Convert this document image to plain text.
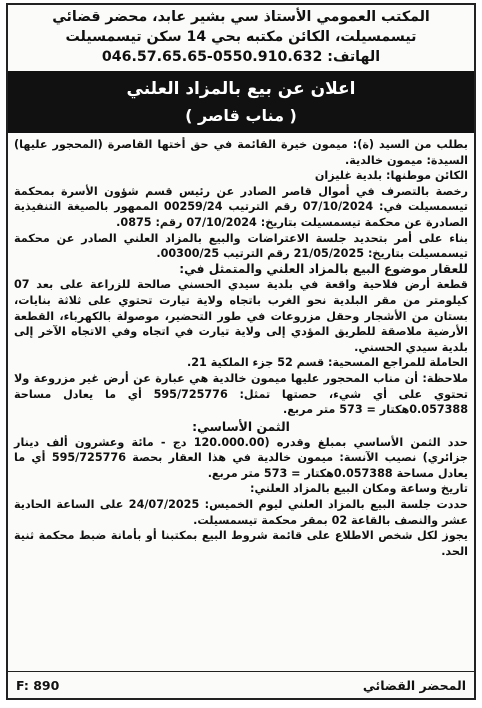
المكتب العمومي الأستاذ سي بشير عابد، محضر قضائي

تيسمسيلت، الكائن مكتبه بحي 14 سكن تيسمسيلت

الهاتف: 046.57.65.65-0550.910.632

اعلان عن بيع بالمزاد العلني
( مناب قاصر )

بطلب من السيد (ة): ميمون خيرة القائمة في حق أختها القاصرة (المحجور عليها) السيدة: ميمون خالدية.

الكائن موطنها: بلدية غليزان

رخصة بالتصرف في أموال قاصر الصادر عن رئيس قسم شؤون الأسرة بمحكمة تيسمسيلت في: 07/10/2024 رقم الترتيب 00259/24 الممهور بالصيغة التنفيذية الصادرة عن محكمة تيسمسيلت بتاريخ: 07/10/2024 رقم: 0875.

بناء على أمر بتحديد جلسة الاعتراضات والبيع بالمزاد العلني الصادر عن محكمة تيسمسيلت بتاريخ: 21/05/2025 رقم الترتيب 00300/25.

للعقار موضوع البيع بالمزاد العلني والمتمثل في:

قطعة أرض فلاحية واقعة في بلدية سيدي الحسني صالحة للزراعة على بعد 07 كيلومتر من مقر البلدية نحو الغرب باتجاه ولاية تيارت تحتوي على ثلاثة بنايات، بستان من الأشجار وحقل مزروعات في طور التحضير، موصولة بالكهرباء، القطعة الأرضية ملاصقة للطريق المؤدي إلى ولاية تيارت في اتجاه وفي الاتجاه الآخر إلى بلدية سيدي الحسني.

الحاملة للمراجع المسحية: قسم 52 جزء الملكية 21.

ملاحظة: أن مناب المحجور عليها ميمون خالدية هي عبارة عن أرض غير مزروعة ولا تحتوي على أي شيء، حصتها تمثل: 595/725776 أي ما يعادل مساحة 0.057388هكتار = 573 متر مربع.

الثمن الأساسي:

حدد الثمن الأساسي بمبلغ وقدره (120.000.00 دج - مائة وعشرون ألف دينار جزائري) نصيب الآنسة: ميمون خالدية في هذا العقار بحصة 595/725776 أي ما يعادل مساحة 0.057388هكتار = 573 متر مربع.

تاريخ وساعة ومكان البيع بالمزاد العلني:

حددت جلسة البيع بالمزاد العلني ليوم الخميس: 24/07/2025 على الساعة الحادية عشر والنصف بالقاعة 02 بمقر محكمة تيسمسيلت.

يجوز لكل شخص الاطلاع على قائمة شروط البيع بمكتبنا أو بأمانة ضبط محكمة ثنية الحد.

المحضر القضائي
F: 890
